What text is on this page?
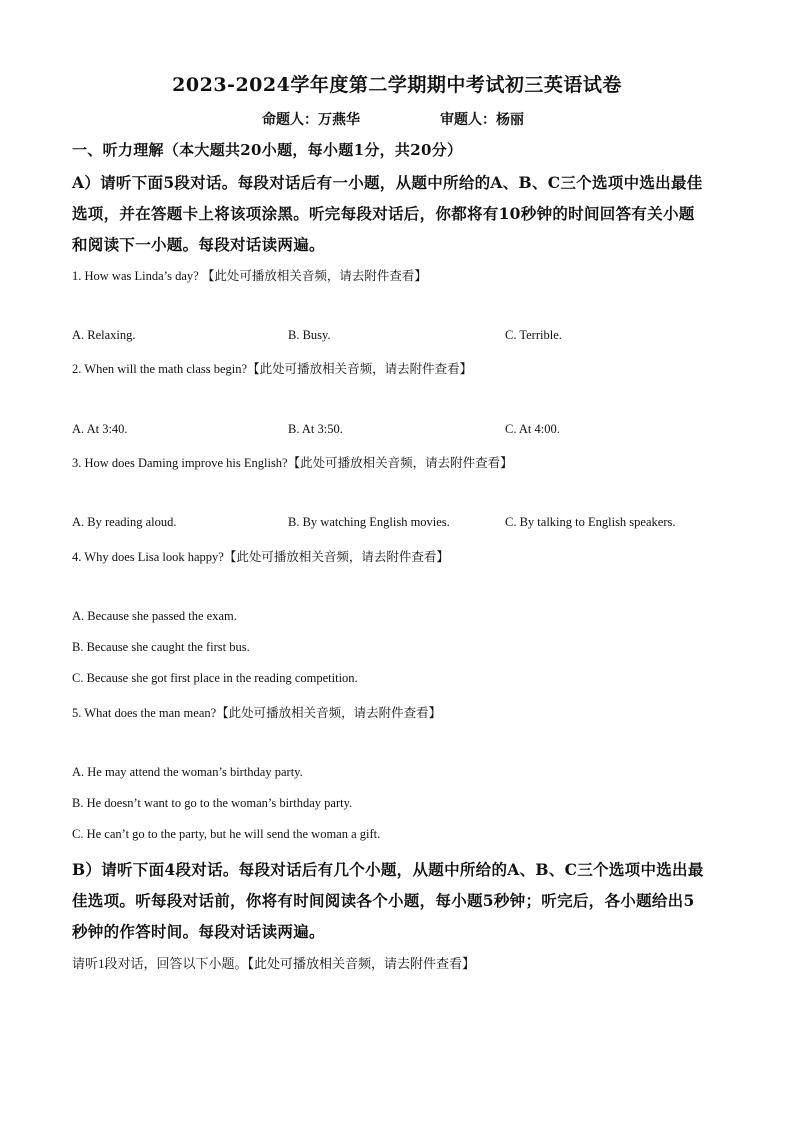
2023-2024学年度第二学期期中考试初三英语试卷
命题人：万燕华	审题人：杨丽
一、听力理解（本大题共20小题，每小题1分，共20分）
A）请听下面5段对话。每段对话后有一小题，从题中所给的A、B、C三个选项中选出最佳
选项，并在答题卡上将该项涂黑。听完每段对话后，你都将有10秒钟的时间回答有关小题
和阅读下一小题。每段对话读两遍。
1. How was Linda’s day? 【此处可播放相关音频，请去附件查看】
A. Relaxing.	B. Busy.	C. Terrible.
2. When will the math class begin?【此处可播放相关音频，请去附件查看】
A. At 3:40.	B. At 3:50.	C. At 4:00.
3. How does Daming improve his English?【此处可播放相关音频，请去附件查看】
A. By reading aloud.	B. By watching English movies.	C. By talking to English speakers.
4. Why does Lisa look happy?【此处可播放相关音频，请去附件查看】
A. Because she passed the exam.
B. Because she caught the first bus.
C. Because she got first place in the reading competition.
5. What does the man mean?【此处可播放相关音频，请去附件查看】
A. He may attend the woman’s birthday party.
B. He doesn’t want to go to the woman’s birthday party.
C. He can’t go to the party, but he will send the woman a gift.
B）请听下面4段对话。每段对话后有几个小题，从题中所给的A、B、C三个选项中选出最
佳选项。听每段对话前，你将有时间阅读各个小题，每小题5秒钟；听完后，各小题给出5
秒钟的作答时间。每段对话读两遍。
请听1段对话，回答以下小题。【此处可播放相关音频，请去附件查看】
